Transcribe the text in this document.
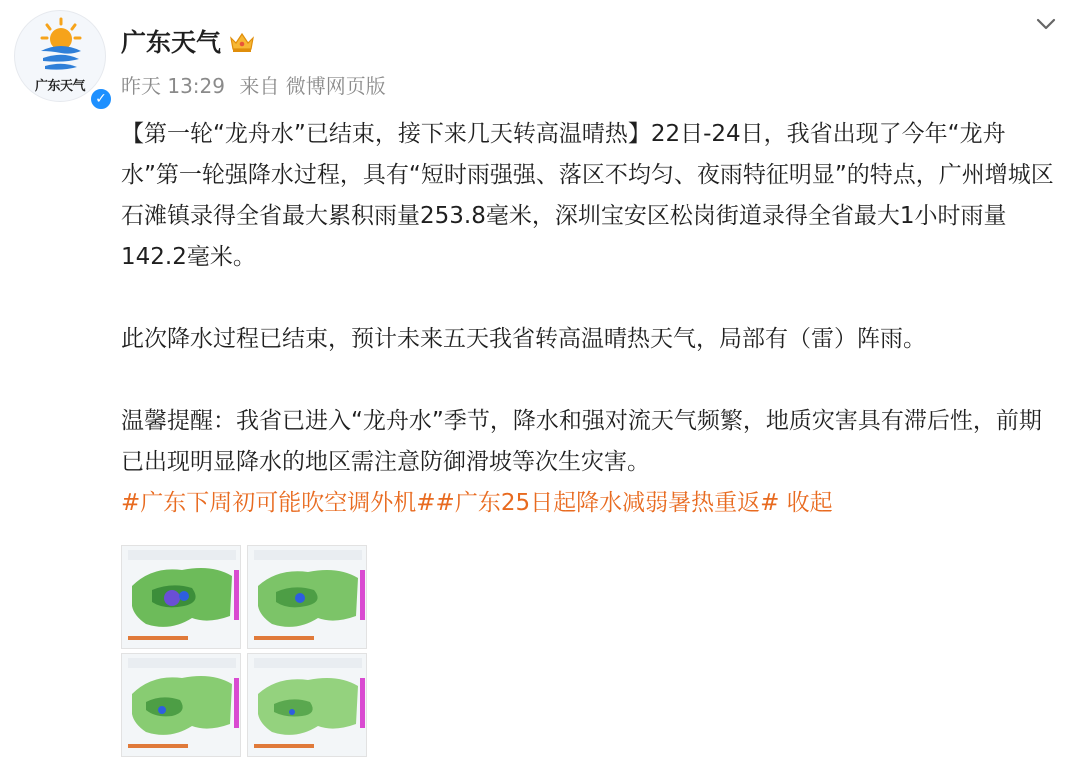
广东天气
✓
广东天气
昨天 13:29 来自 微博网页版
【第一轮“龙舟水”已结束，接下来几天转高温晴热】22日-24日，我省出现了今年“龙舟水”第一轮强降水过程，具有“短时雨强强、落区不均匀、夜雨特征明显”的特点，广州增城区石滩镇录得全省最大累积雨量253.8毫米，深圳宝安区松岗街道录得全省最大1小时雨量142.2毫米。
此次降水过程已结束，预计未来五天我省转高温晴热天气，局部有（雷）阵雨。
温馨提醒：我省已进入“龙舟水”季节，降水和强对流天气频繁，地质灾害具有滞后性，前期已出现明显降水的地区需注意防御滑坡等次生灾害。
#广东下周初可能吹空调外机##广东25日起降水减弱暑热重返# 收起
